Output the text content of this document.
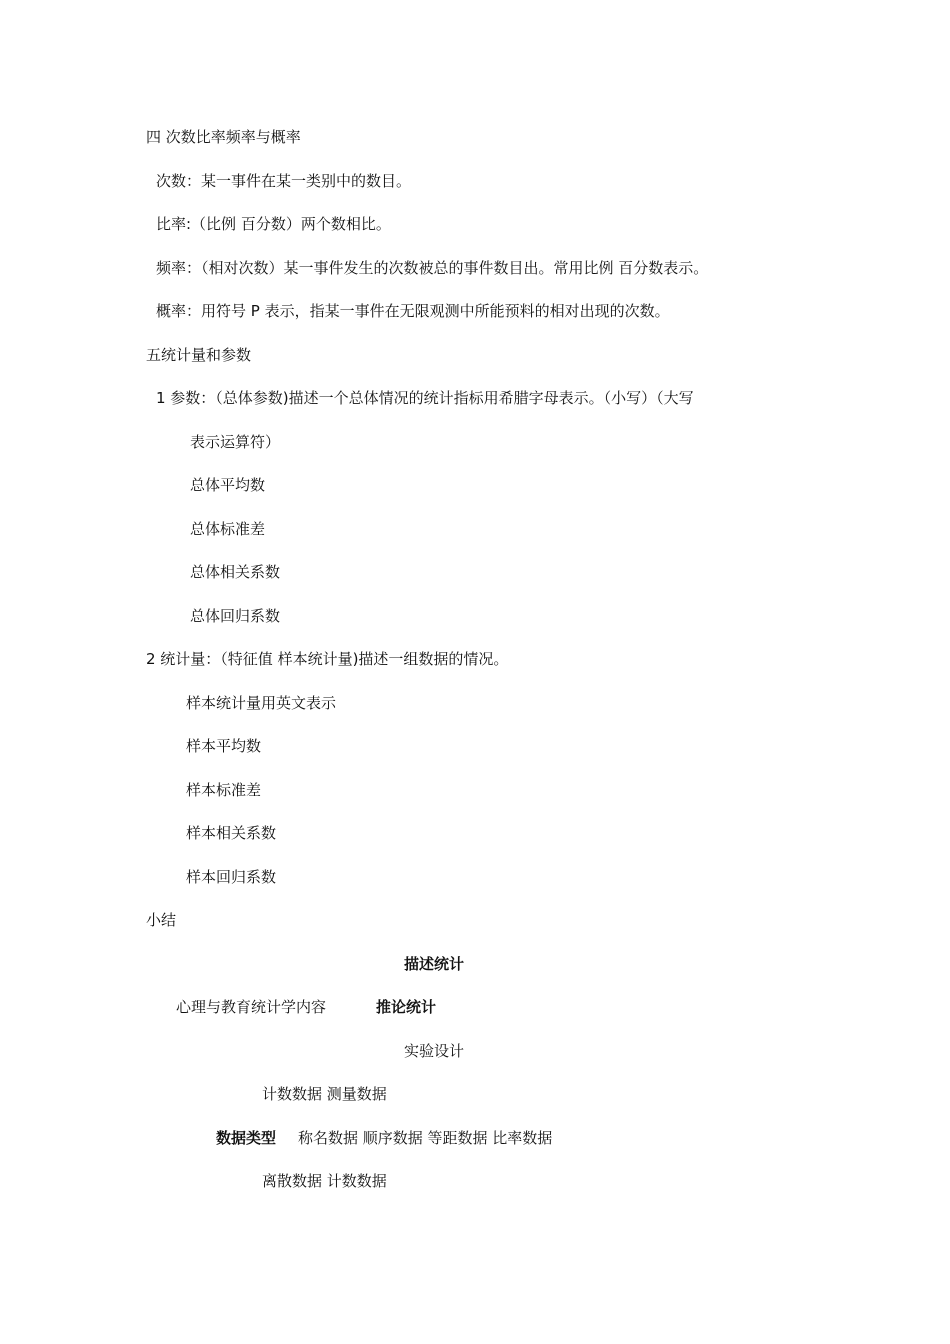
四 次数比率频率与概率
次数：某一事件在某一类别中的数目。
比率:（比例 百分数）两个数相比。
频率：（相对次数）某一事件发生的次数被总的事件数目出。常用比例 百分数表示。
概率：用符号 P 表示，指某一事件在无限观测中所能预料的相对出现的次数。
五统计量和参数
1 参数：（总体参数)描述一个总体情况的统计指标用希腊字母表示。（小写）（大写
表示运算符）
总体平均数
总体标准差
总体相关系数
总体回归系数
2 统计量：（特征值 样本统计量)描述一组数据的情况。
样本统计量用英文表示
样本平均数
样本标准差
样本相关系数
样本回归系数
小结
描述统计
心理与教育统计学内容	推论统计
实验设计
计数数据 测量数据
数据类型 称名数据 顺序数据 等距数据 比率数据
离散数据 计数数据
